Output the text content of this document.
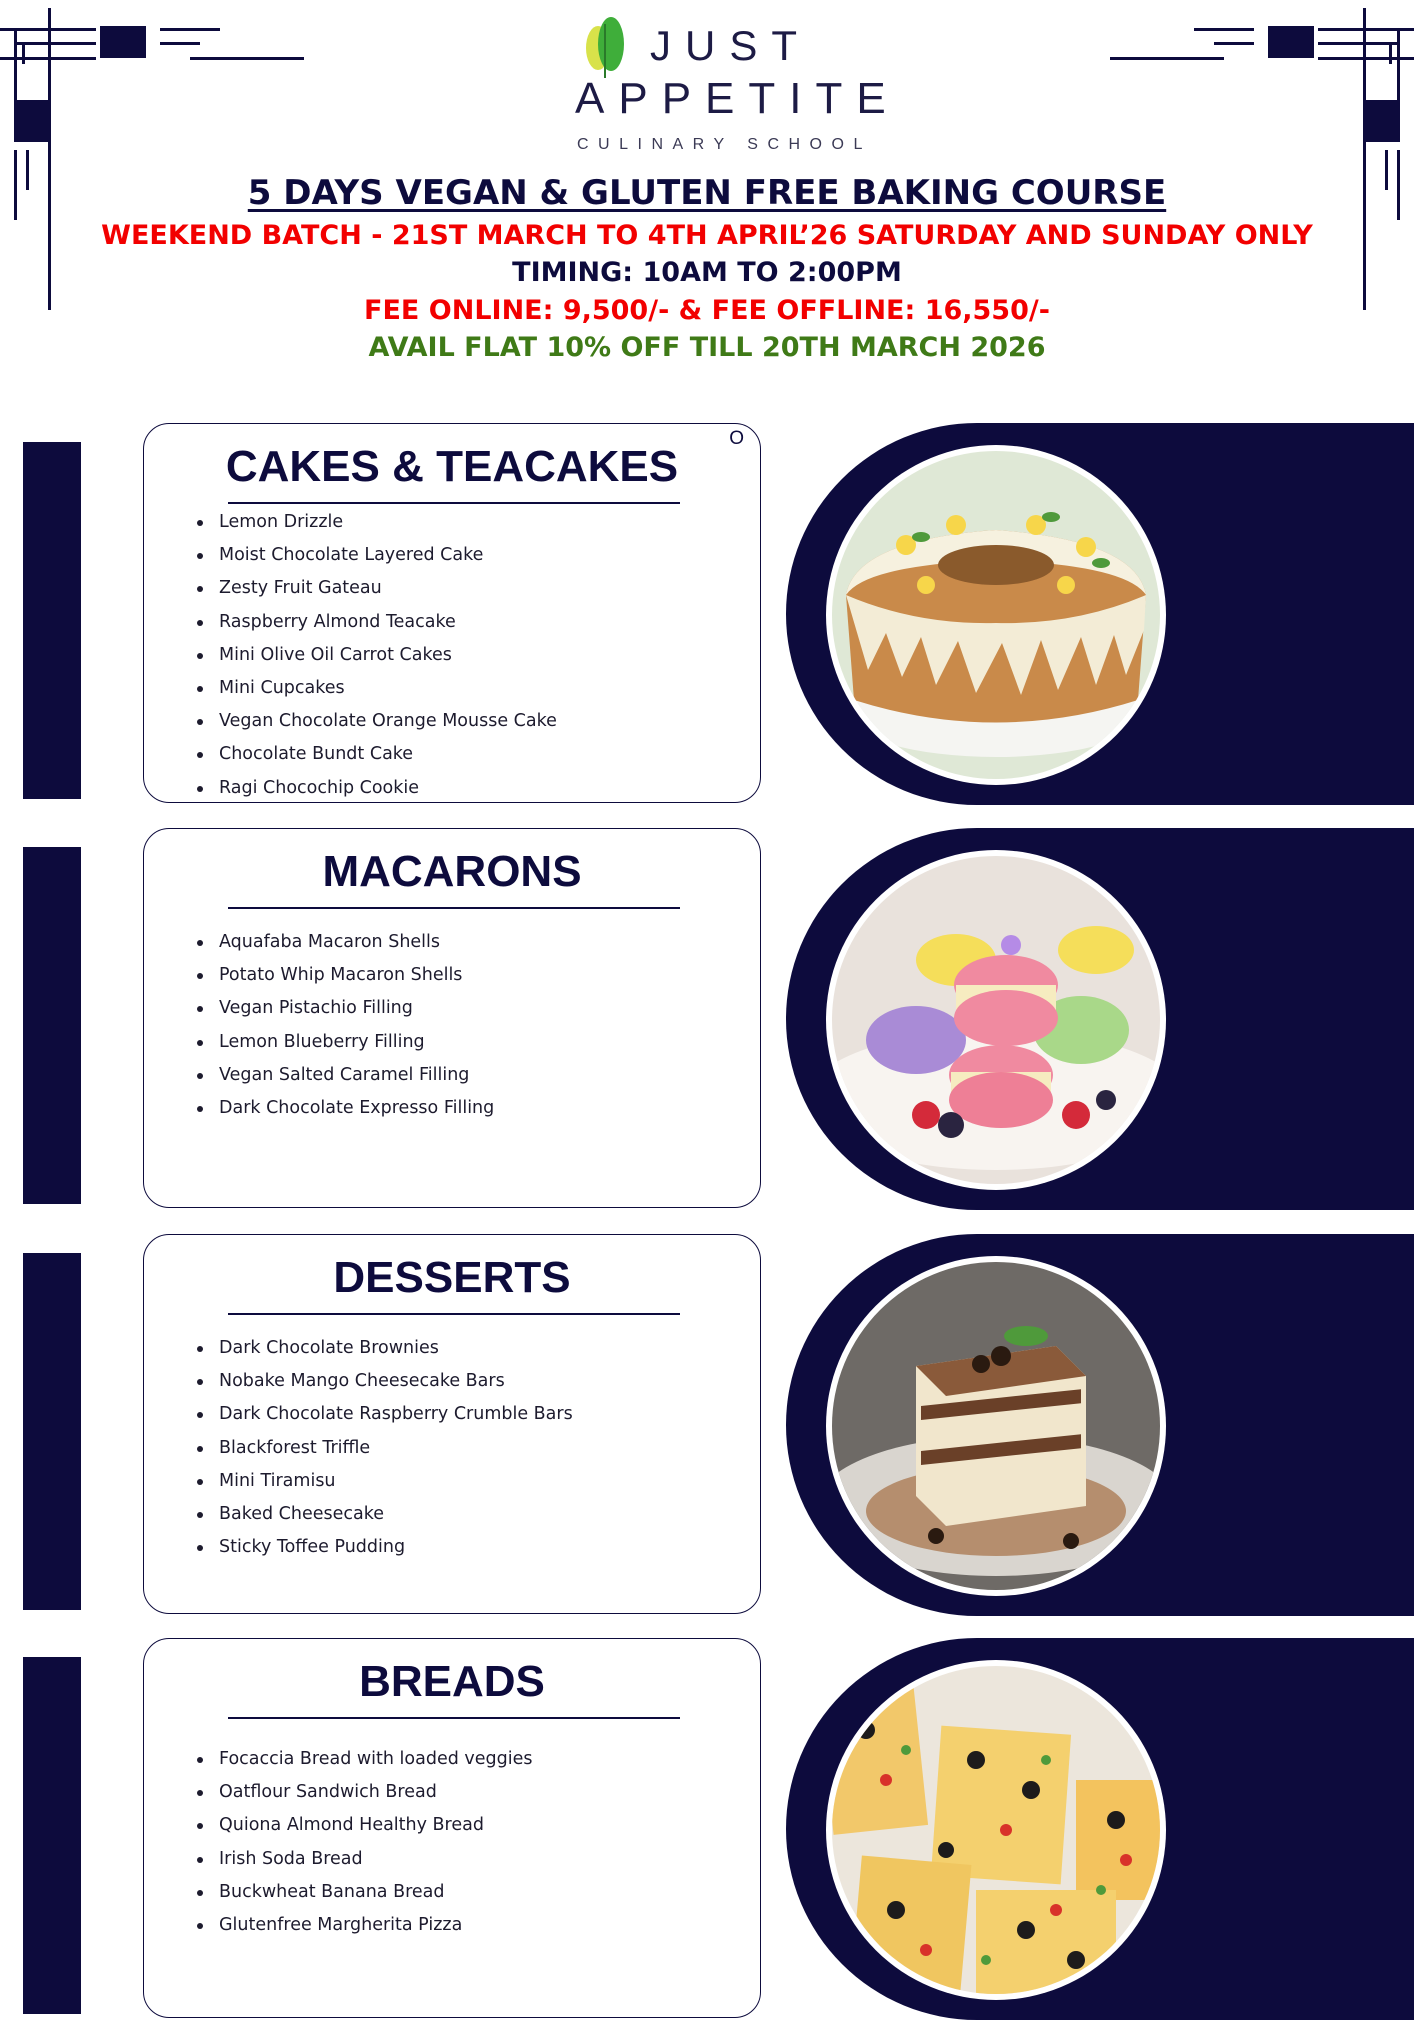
JUST
APPETITE
CULINARY SCHOOL
5 DAYS VEGAN & GLUTEN FREE BAKING COURSE
WEEKEND BATCH - 21ST MARCH TO 4TH APRIL’26 SATURDAY AND SUNDAY ONLY
TIMING: 10AM TO 2:00PM
FEE ONLINE: 9,500/- & FEE OFFLINE: 16,550/-
AVAIL FLAT 10% OFF TILL 20TH MARCH 2026
CAKES & TEACAKES
O
Lemon Drizzle
Moist Chocolate Layered Cake
Zesty Fruit Gateau
Raspberry Almond Teacake
Mini Olive Oil Carrot Cakes
Mini Cupcakes
Vegan Chocolate Orange Mousse Cake
Chocolate Bundt Cake
Ragi Chocochip Cookie
MACARONS
Aquafaba Macaron Shells
Potato Whip Macaron Shells
Vegan Pistachio Filling
Lemon Blueberry Filling
Vegan Salted Caramel Filling
Dark Chocolate Expresso Filling
DESSERTS
Dark Chocolate Brownies
Nobake Mango Cheesecake Bars
Dark Chocolate Raspberry Crumble Bars
Blackforest Triffle
Mini Tiramisu
Baked Cheesecake
Sticky Toffee Pudding
BREADS
Focaccia Bread with loaded veggies
Oatflour Sandwich Bread
Quiona Almond Healthy Bread
Irish Soda Bread
Buckwheat Banana Bread
Glutenfree Margherita Pizza
